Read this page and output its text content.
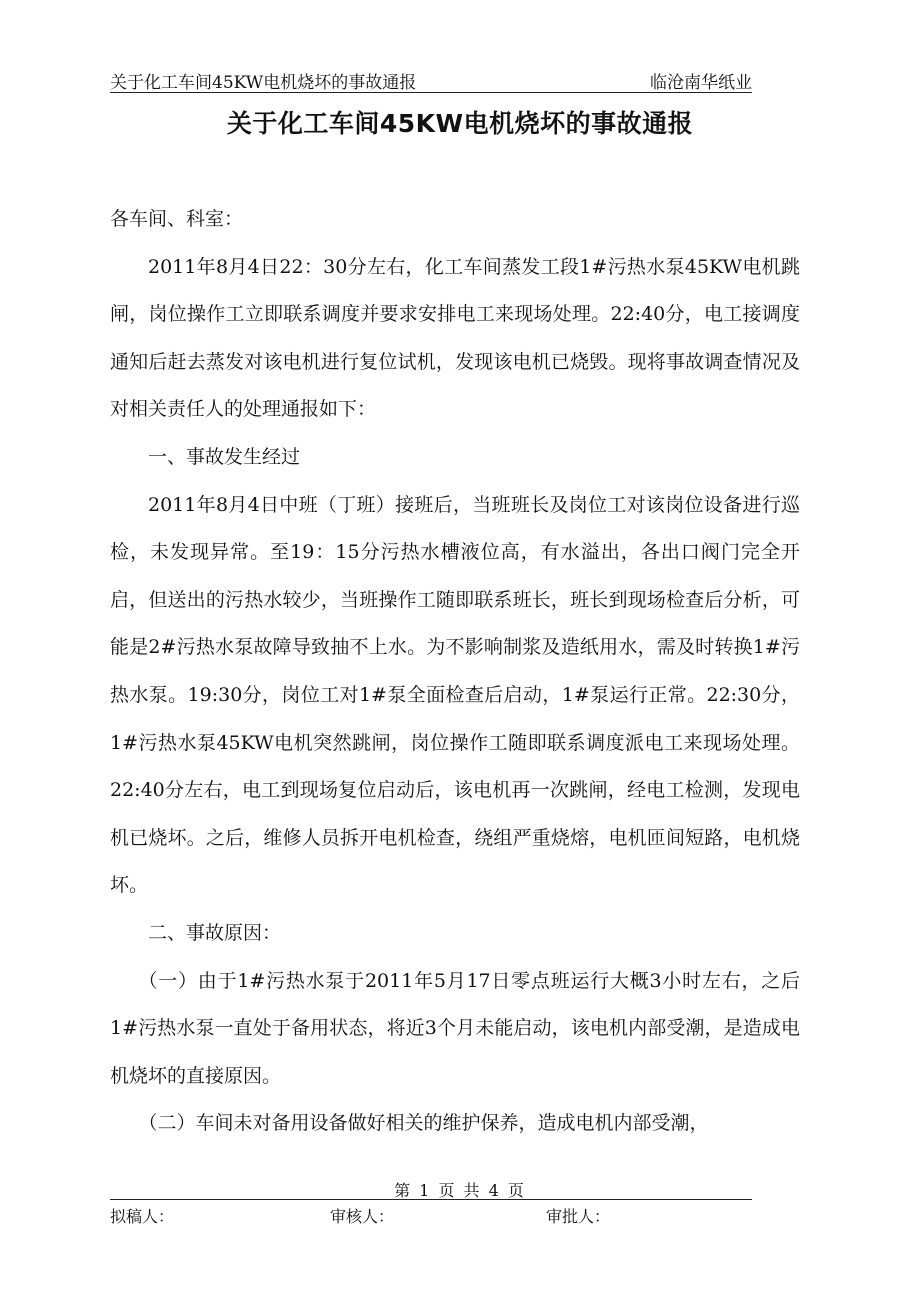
关于化工车间45KW电机烧坏的事故通报	临沧南华纸业
关于化工车间45KW电机烧坏的事故通报

各车间、科室：

2011年8月4日22：30分左右，化工车间蒸发工段1#污热水泵45KW电机跳闸，岗位操作工立即联系调度并要求安排电工来现场处理。22:40分，电工接调度通知后赶去蒸发对该电机进行复位试机，发现该电机已烧毁。现将事故调查情况及对相关责任人的处理通报如下：

一、事故发生经过

2011年8月4日中班（丁班）接班后，当班班长及岗位工对该岗位设备进行巡检，未发现异常。至19：15分污热水槽液位高，有水溢出，各出口阀门完全开启，但送出的污热水较少，当班操作工随即联系班长，班长到现场检查后分析，可能是2#污热水泵故障导致抽不上水。为不影响制浆及造纸用水，需及时转换1#污热水泵。19:30分，岗位工对1#泵全面检查后启动，1#泵运行正常。22:30分，1#污热水泵45KW电机突然跳闸，岗位操作工随即联系调度派电工来现场处理。22:40分左右，电工到现场复位启动后，该电机再一次跳闸，经电工检测，发现电机已烧坏。之后，维修人员拆开电机检查，绕组严重烧熔，电机匝间短路，电机烧坏。

二、事故原因：

（一）由于1#污热水泵于2011年5月17日零点班运行大概3小时左右，之后1#污热水泵一直处于备用状态，将近3个月未能启动，该电机内部受潮，是造成电机烧坏的直接原因。

（二）车间未对备用设备做好相关的维护保养，造成电机内部受潮，

第 1 页 共 4 页
拟稿人：	审核人：	审批人：
